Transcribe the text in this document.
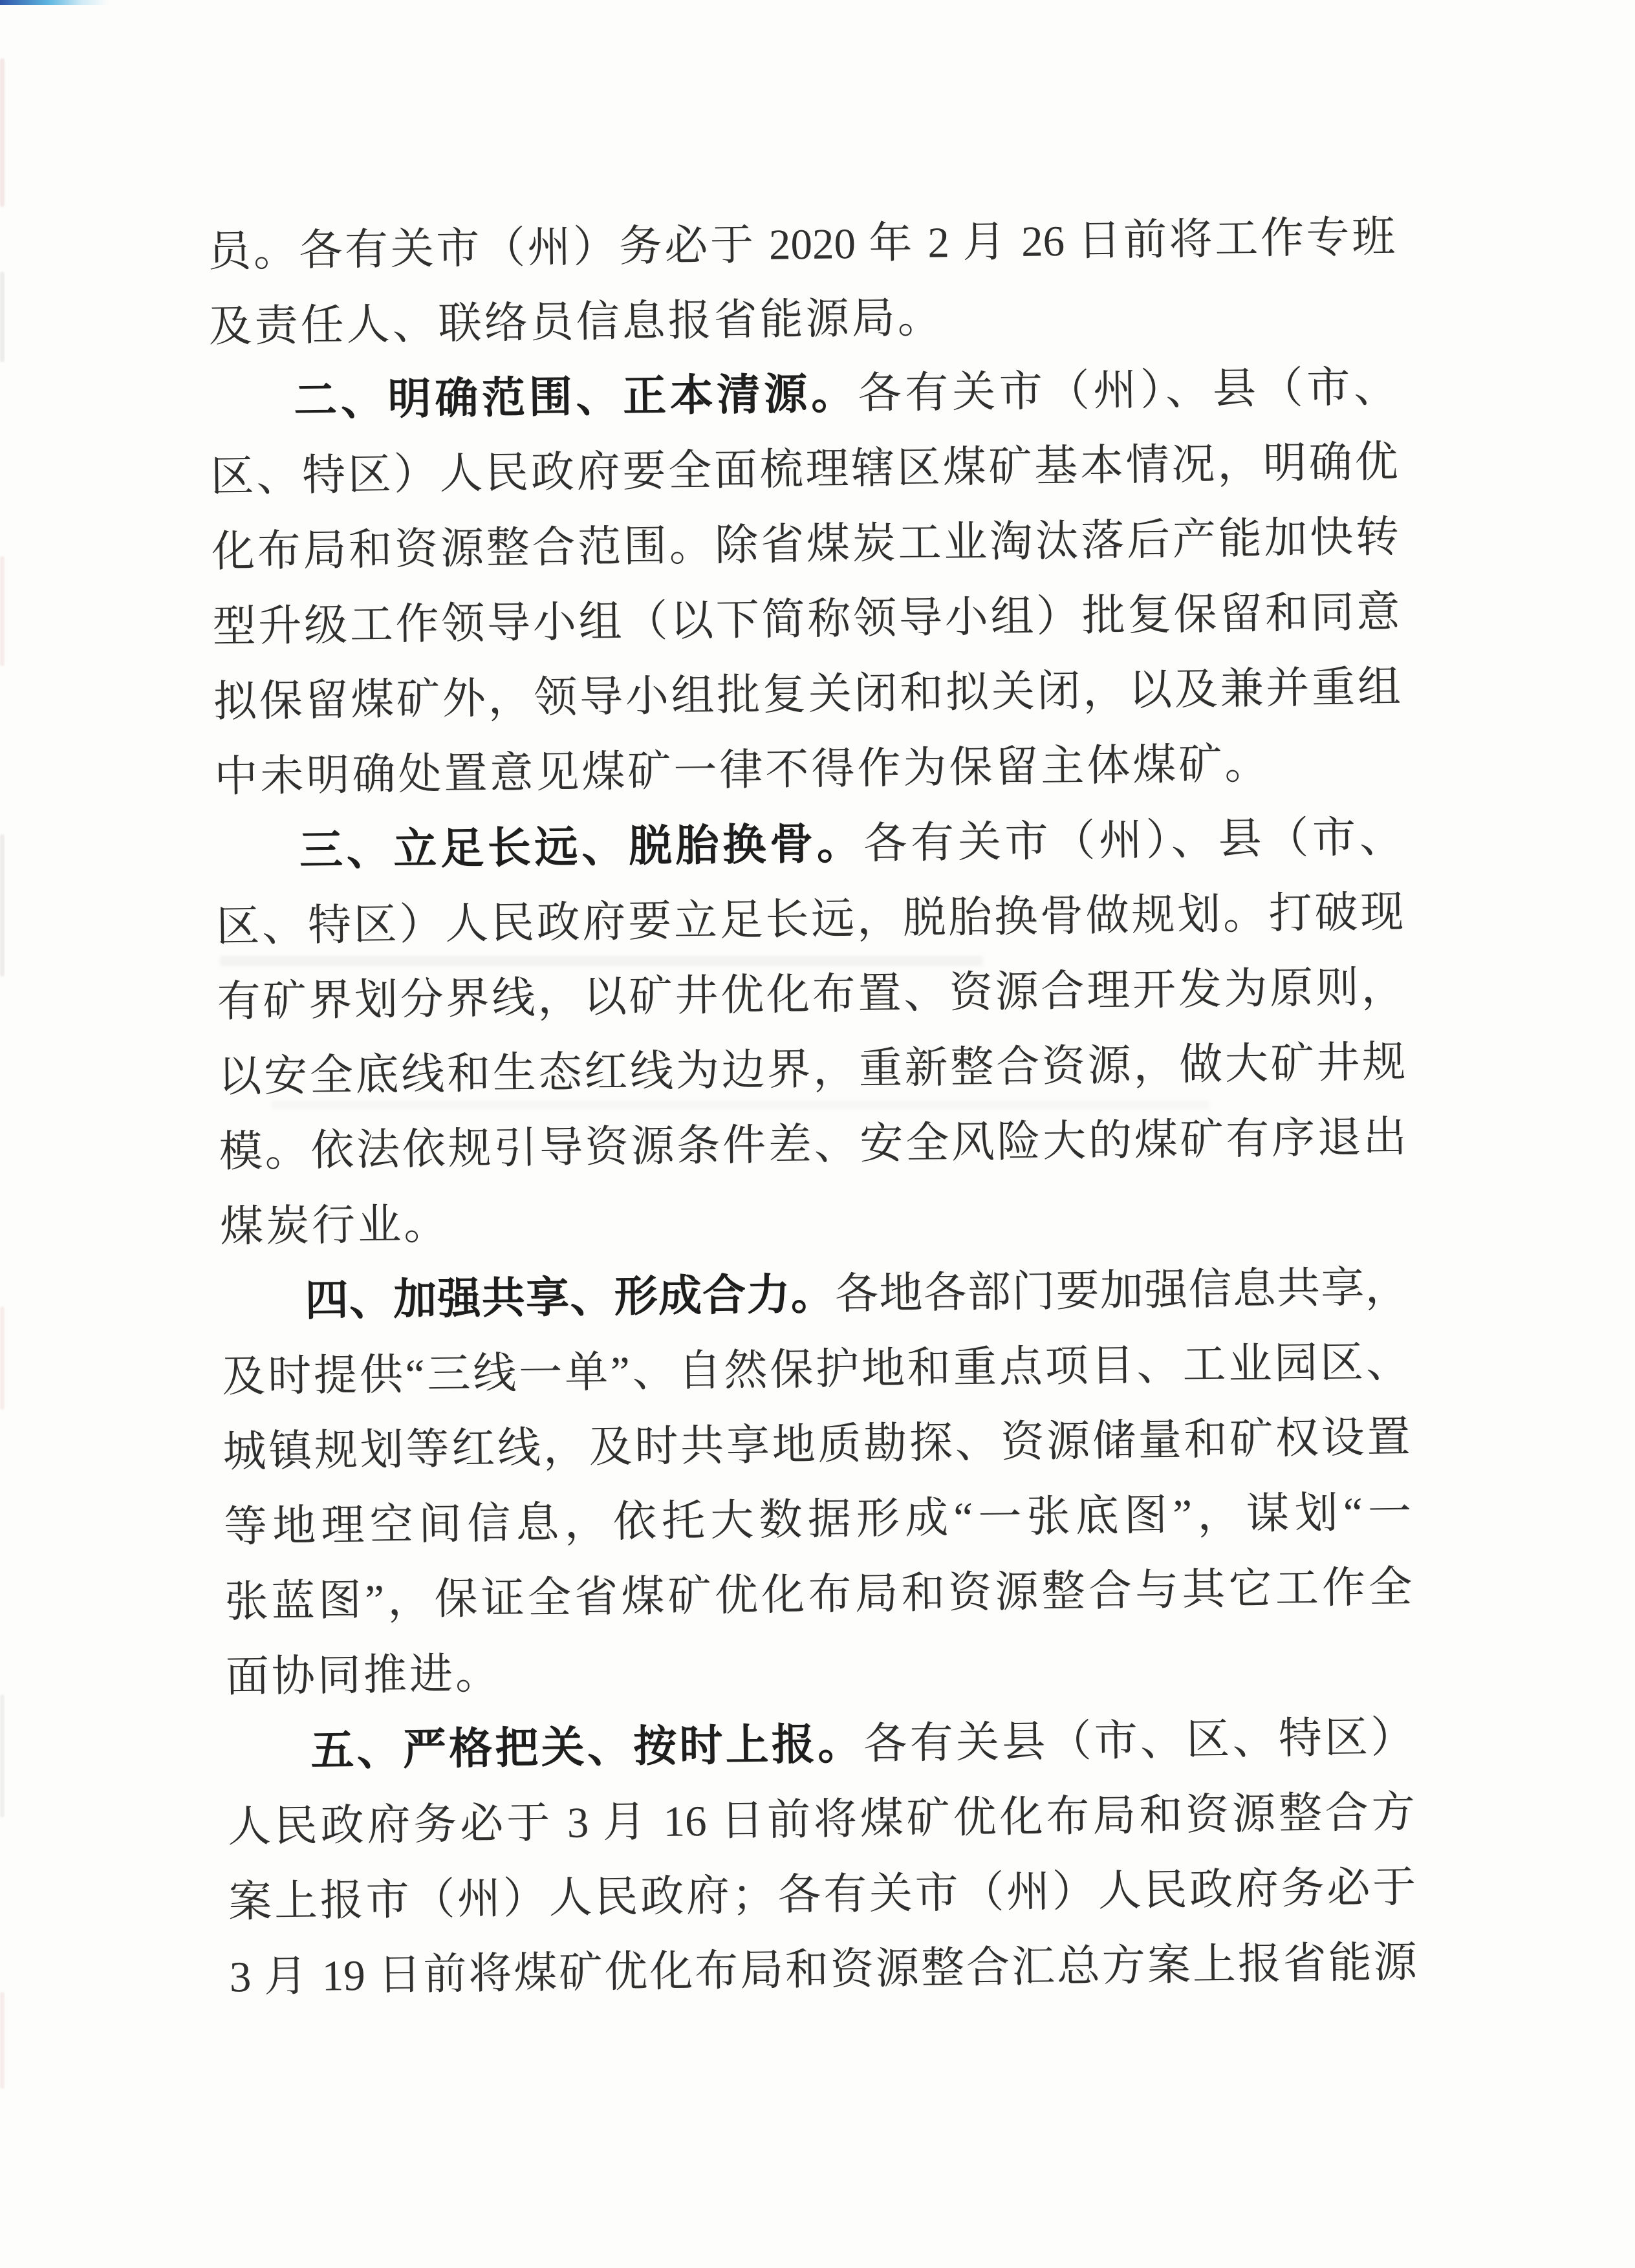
员。各有关市（州）务必于 2020 年 2 月 26 日前将工作专班
及责任人、联络员信息报省能源局。
二、明确范围、正本清源。各有关市（州）、县（市、
区、特区）人民政府要全面梳理辖区煤矿基本情况，明确优
化布局和资源整合范围。除省煤炭工业淘汰落后产能加快转
型升级工作领导小组（以下简称领导小组）批复保留和同意
拟保留煤矿外，领导小组批复关闭和拟关闭，以及兼并重组
中未明确处置意见煤矿一律不得作为保留主体煤矿。
三、立足长远、脱胎换骨。各有关市（州）、县（市、
区、特区）人民政府要立足长远，脱胎换骨做规划。打破现
有矿界划分界线，以矿井优化布置、资源合理开发为原则，
以安全底线和生态红线为边界，重新整合资源，做大矿井规
模。依法依规引导资源条件差、安全风险大的煤矿有序退出
煤炭行业。
四、加强共享、形成合力。各地各部门要加强信息共享，
及时提供“三线一单”、自然保护地和重点项目、工业园区、
城镇规划等红线，及时共享地质勘探、资源储量和矿权设置
等地理空间信息，依托大数据形成“一张底图”，谋划“一
张蓝图”，保证全省煤矿优化布局和资源整合与其它工作全
面协同推进。
五、严格把关、按时上报。各有关县（市、区、特区）
人民政府务必于 3 月 16 日前将煤矿优化布局和资源整合方
案上报市（州）人民政府；各有关市（州）人民政府务必于
3 月 19 日前将煤矿优化布局和资源整合汇总方案上报省能源
